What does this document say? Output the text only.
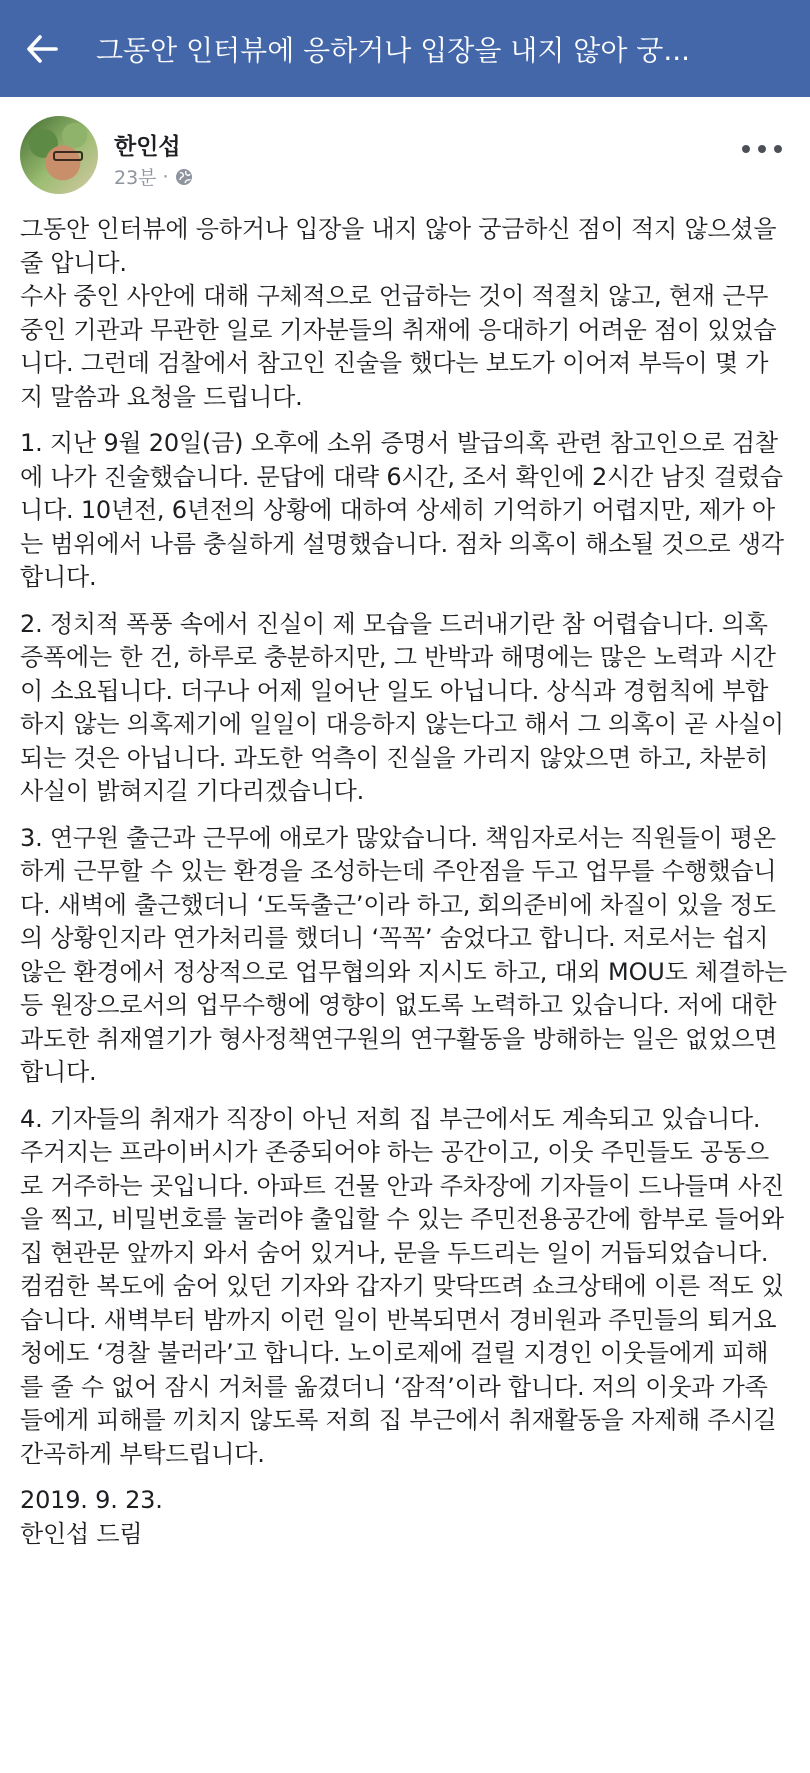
그동안 인터뷰에 응하거나 입장을 내지 않아 궁...
한인섭
23분 ·

그동안 인터뷰에 응하거나 입장을 내지 않아 궁금하신 점이 적지 않으셨을 줄 압니다.
수사 중인 사안에 대해 구체적으로 언급하는 것이 적절치 않고, 현재 근무중인 기관과 무관한 일로 기자분들의 취재에 응대하기 어려운 점이 있었습니다. 그런데 검찰에서 참고인 진술을 했다는 보도가 이어져 부득이 몇 가지 말씀과 요청을 드립니다.

1. 지난 9월 20일(금) 오후에 소위 증명서 발급의혹 관련 참고인으로 검찰에 나가 진술했습니다. 문답에 대략 6시간, 조서 확인에 2시간 남짓 걸렸습니다. 10년전, 6년전의 상황에 대하여 상세히 기억하기 어렵지만, 제가 아는 범위에서 나름 충실하게 설명했습니다. 점차 의혹이 해소될 것으로 생각합니다.

2. 정치적 폭풍 속에서 진실이 제 모습을 드러내기란 참 어렵습니다. 의혹 증폭에는 한 건, 하루로 충분하지만, 그 반박과 해명에는 많은 노력과 시간이 소요됩니다. 더구나 어제 일어난 일도 아닙니다. 상식과 경험칙에 부합하지 않는 의혹제기에 일일이 대응하지 않는다고 해서 그 의혹이 곧 사실이 되는 것은 아닙니다. 과도한 억측이 진실을 가리지 않았으면 하고, 차분히 사실이 밝혀지길 기다리겠습니다.

3. 연구원 출근과 근무에 애로가 많았습니다. 책임자로서는 직원들이 평온하게 근무할 수 있는 환경을 조성하는데 주안점을 두고 업무를 수행했습니다. 새벽에 출근했더니 ‘도둑출근’이라 하고, 회의준비에 차질이 있을 정도의 상황인지라 연가처리를 했더니 ‘꼭꼭’ 숨었다고 합니다. 저로서는 쉽지 않은 환경에서 정상적으로 업무협의와 지시도 하고, 대외 MOU도 체결하는 등 원장으로서의 업무수행에 영향이 없도록 노력하고 있습니다. 저에 대한 과도한 취재열기가 형사정책연구원의 연구활동을 방해하는 일은 없었으면 합니다.

4. 기자들의 취재가 직장이 아닌 저희 집 부근에서도 계속되고 있습니다. 주거지는 프라이버시가 존중되어야 하는 공간이고, 이웃 주민들도 공동으로 거주하는 곳입니다. 아파트 건물 안과 주차장에 기자들이 드나들며 사진을 찍고, 비밀번호를 눌러야 출입할 수 있는 주민전용공간에 함부로 들어와 집 현관문 앞까지 와서 숨어 있거나, 문을 두드리는 일이 거듭되었습니다. 컴컴한 복도에 숨어 있던 기자와 갑자기 맞닥뜨려 쇼크상태에 이른 적도 있습니다. 새벽부터 밤까지 이런 일이 반복되면서 경비원과 주민들의 퇴거요청에도 ‘경찰 불러라’고 합니다. 노이로제에 걸릴 지경인 이웃들에게 피해를 줄 수 없어 잠시 거처를 옮겼더니 ‘잠적’이라 합니다. 저의 이웃과 가족들에게 피해를 끼치지 않도록 저희 집 부근에서 취재활동을 자제해 주시길 간곡하게 부탁드립니다.

2019. 9. 23.

한인섭 드림
